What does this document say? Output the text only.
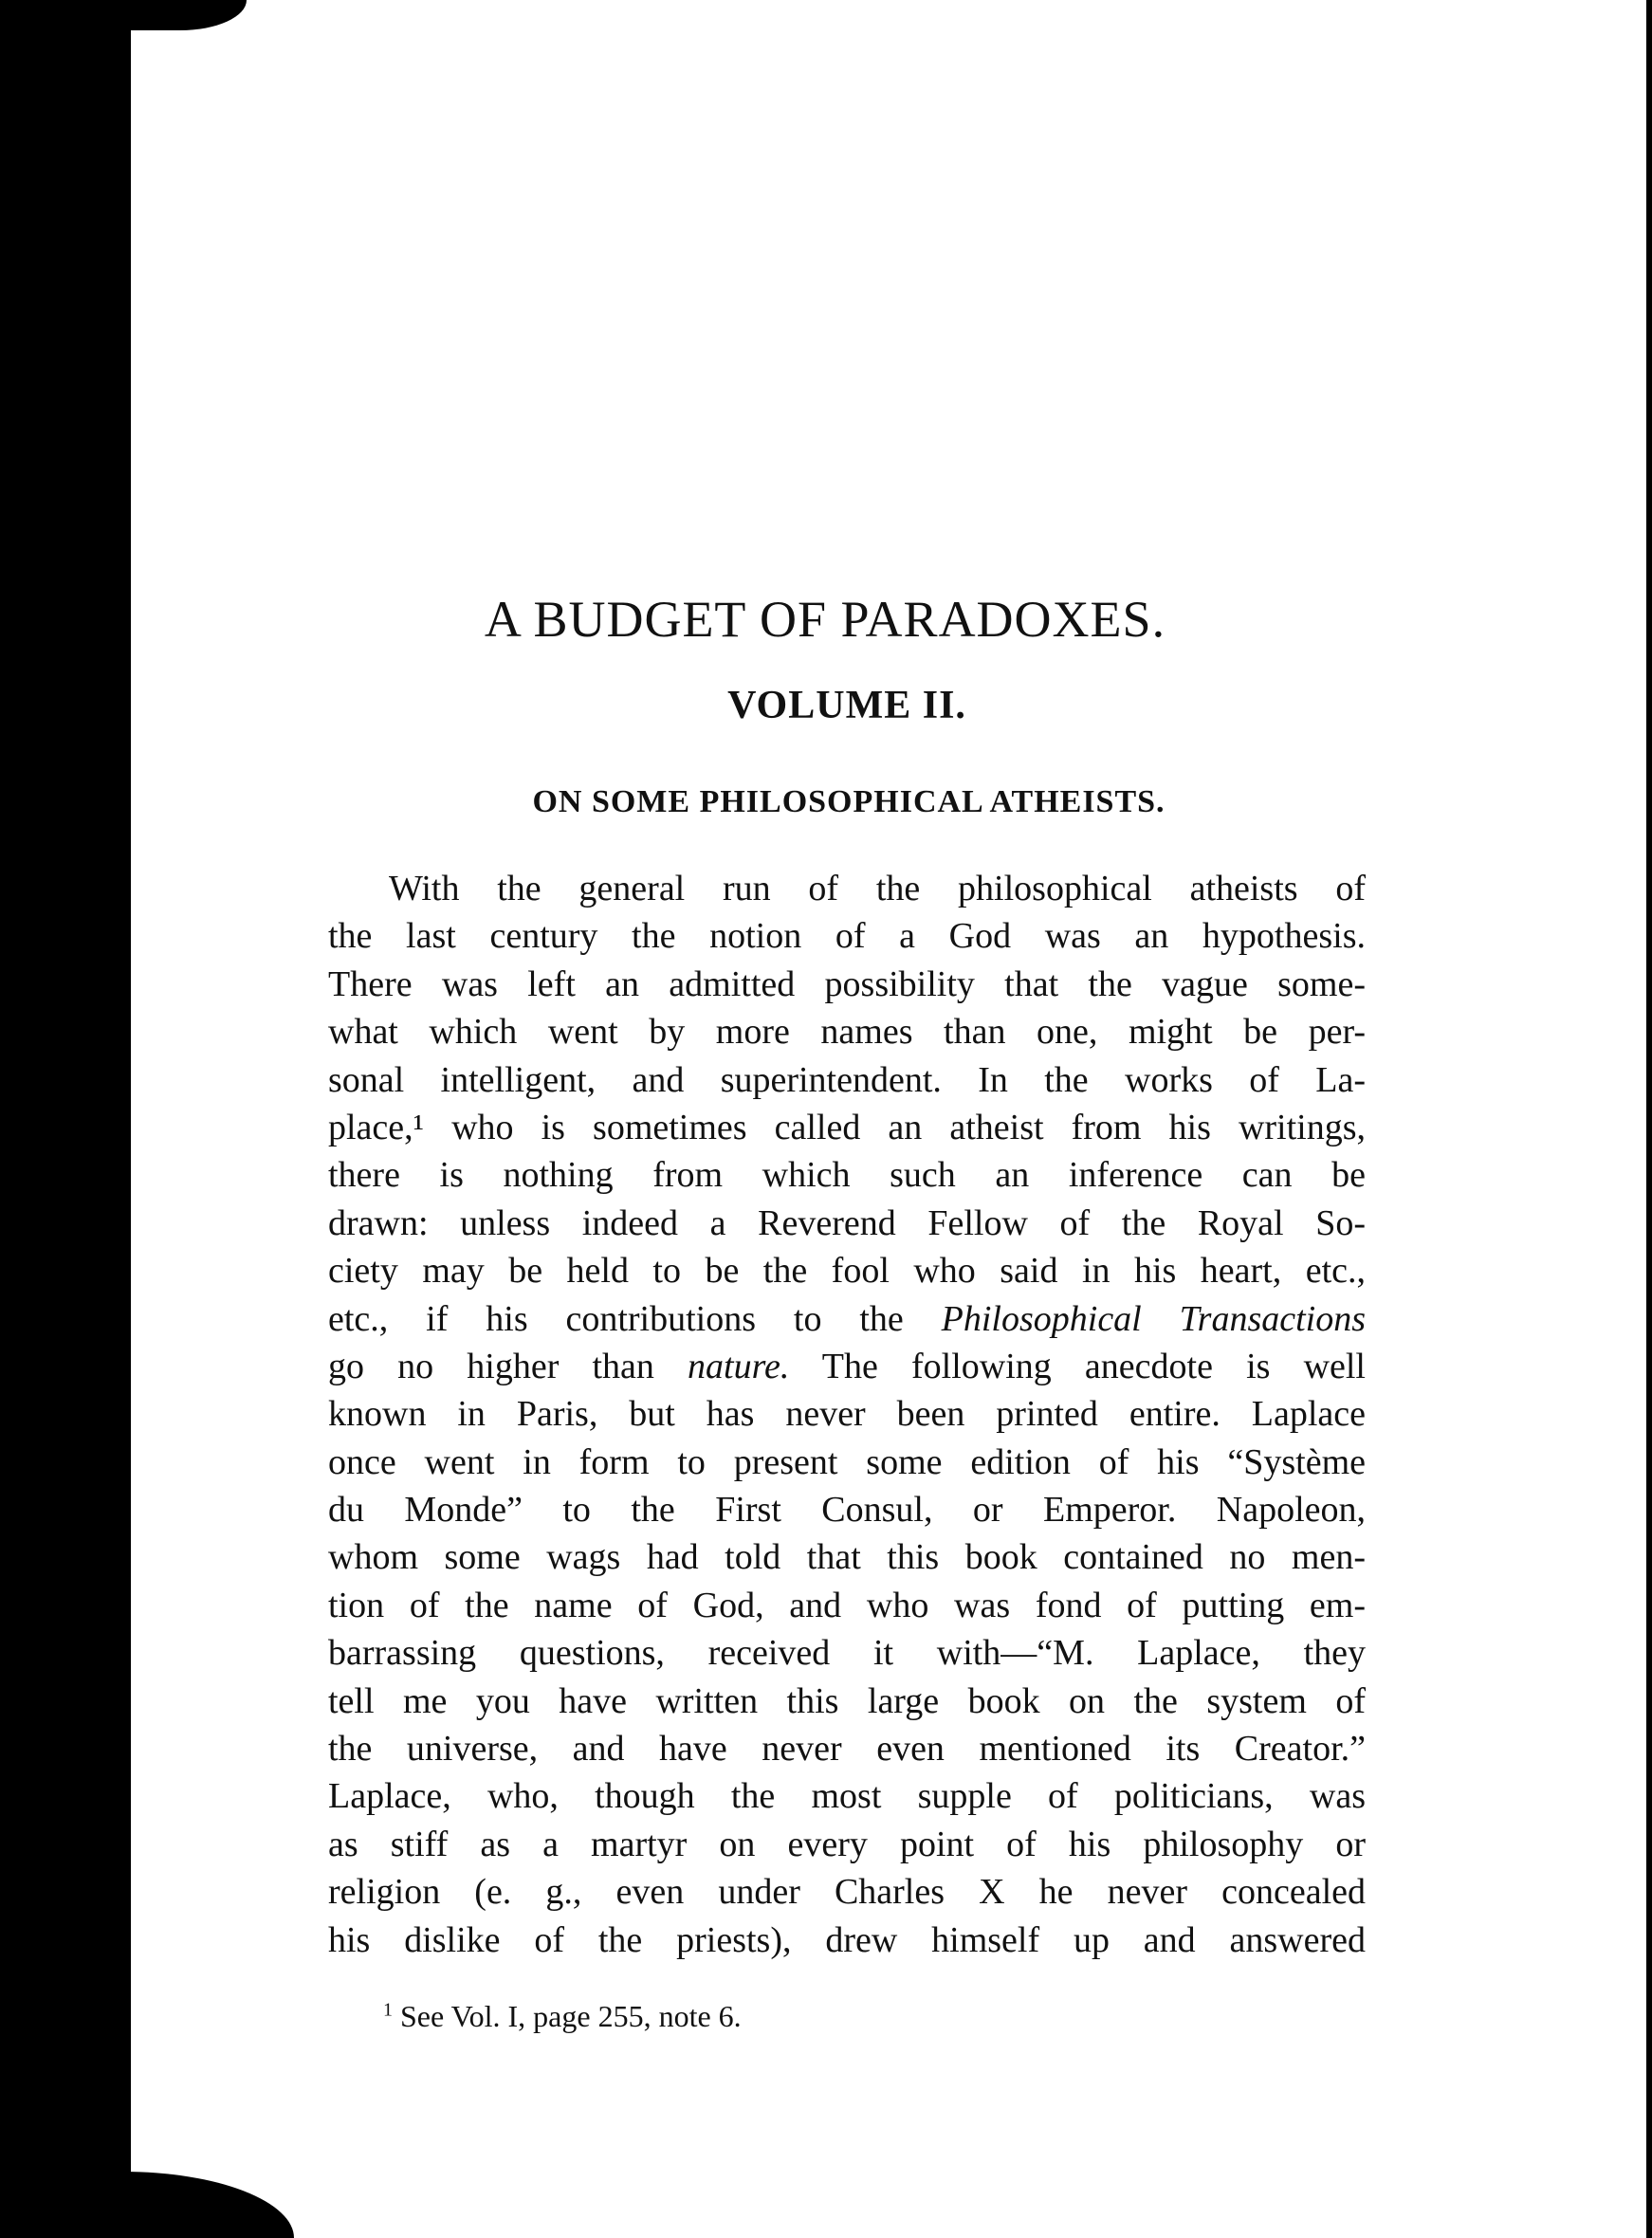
A BUDGET OF PARADOXES.
VOLUME II.
ON SOME PHILOSOPHICAL ATHEISTS.
With the general run of the philosophical atheists of
the last century the notion of a God was an hypothesis.
There was left an admitted possibility that the vague some-
what which went by more names than one, might be per-
sonal intelligent, and superintendent. In the works of La-
place,¹ who is sometimes called an atheist from his writings,
there is nothing from which such an inference can be
drawn: unless indeed a Reverend Fellow of the Royal So-
ciety may be held to be the fool who said in his heart, etc.,
etc., if his contributions to the Philosophical Transactions
go no higher than nature. The following anecdote is well
known in Paris, but has never been printed entire. Laplace
once went in form to present some edition of his “Système
du Monde” to the First Consul, or Emperor. Napoleon,
whom some wags had told that this book contained no men-
tion of the name of God, and who was fond of putting em-
barrassing questions, received it with—“M. Laplace, they
tell me you have written this large book on the system of
the universe, and have never even mentioned its Creator.”
Laplace, who, though the most supple of politicians, was
as stiff as a martyr on every point of his philosophy or
religion (e. g., even under Charles X he never concealed
his dislike of the priests), drew himself up and answered

$^1$ See Vol. I, page 255, note 6.
